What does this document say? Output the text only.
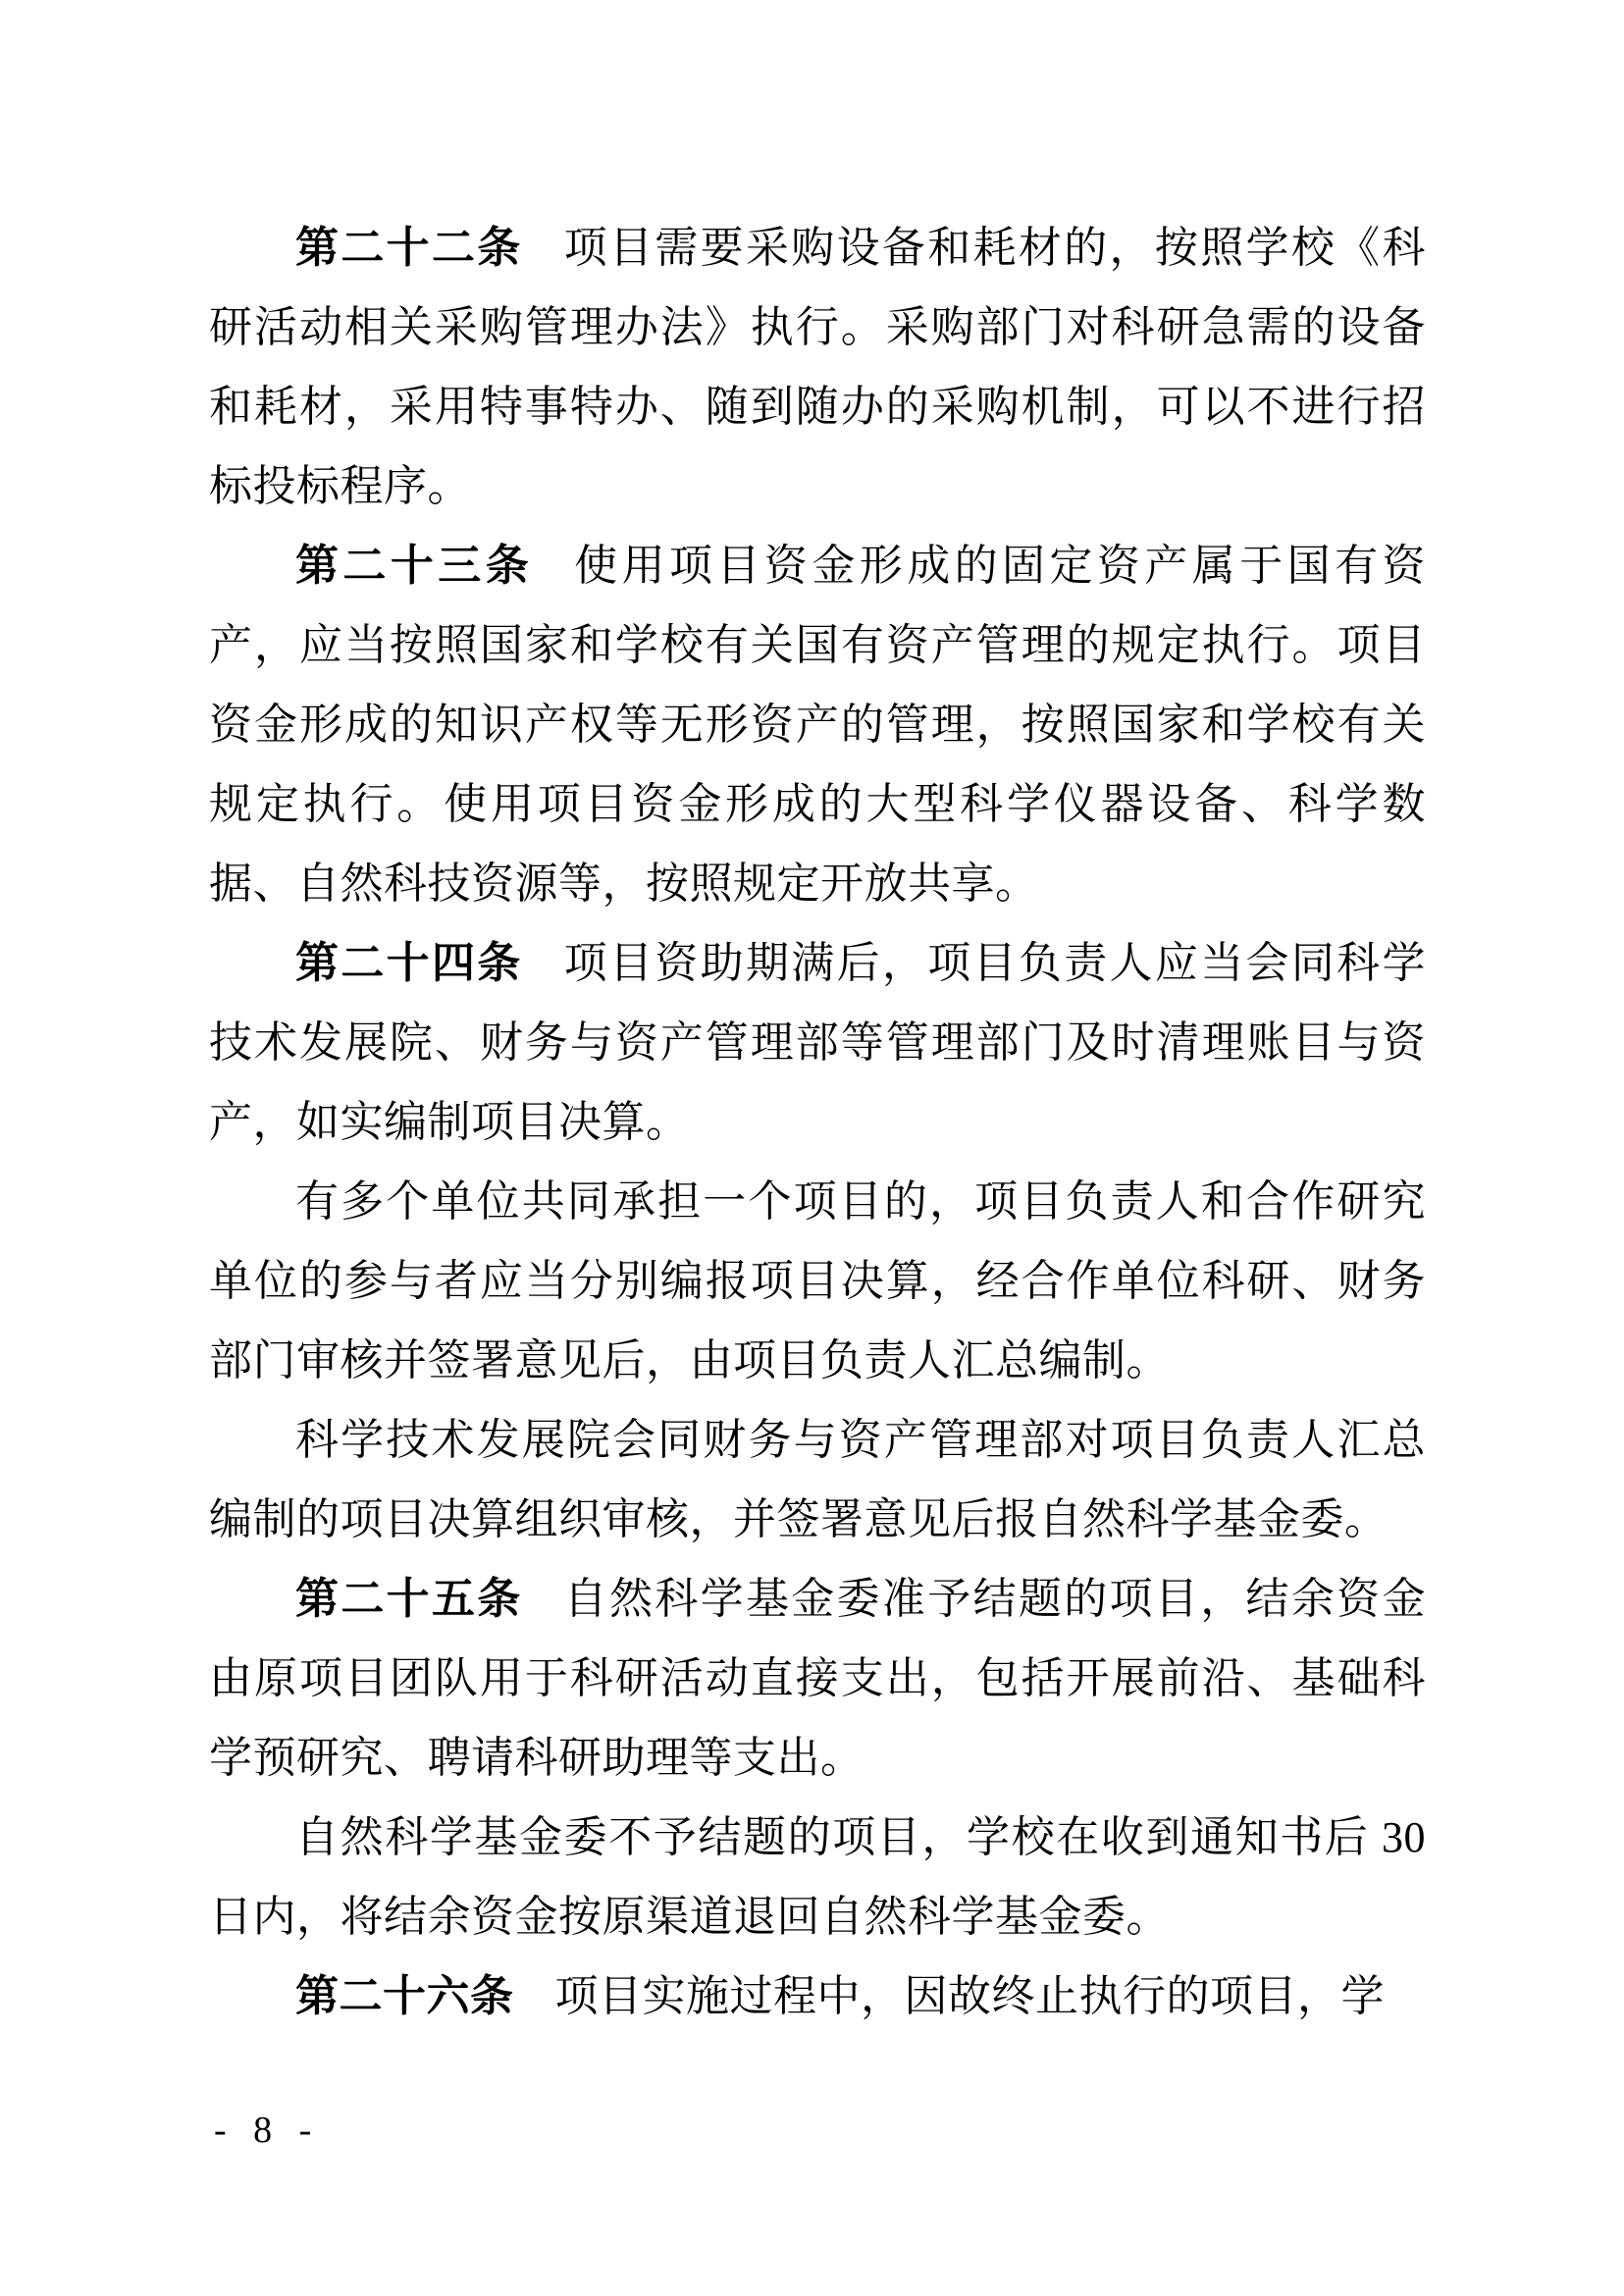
第二十二条 项目需要采购设备和耗材的，按照学校《科研活动相关采购管理办法》执行。采购部门对科研急需的设备和耗材，采用特事特办、随到随办的采购机制，可以不进行招标投标程序。

第二十三条 使用项目资金形成的固定资产属于国有资产，应当按照国家和学校有关国有资产管理的规定执行。项目资金形成的知识产权等无形资产的管理，按照国家和学校有关规定执行。使用项目资金形成的大型科学仪器设备、科学数据、自然科技资源等，按照规定开放共享。

第二十四条 项目资助期满后，项目负责人应当会同科学技术发展院、财务与资产管理部等管理部门及时清理账目与资产，如实编制项目决算。

有多个单位共同承担一个项目的，项目负责人和合作研究单位的参与者应当分别编报项目决算，经合作单位科研、财务部门审核并签署意见后，由项目负责人汇总编制。

科学技术发展院会同财务与资产管理部对项目负责人汇总编制的项目决算组织审核，并签署意见后报自然科学基金委。

第二十五条 自然科学基金委准予结题的项目，结余资金由原项目团队用于科研活动直接支出，包括开展前沿、基础科学预研究、聘请科研助理等支出。

自然科学基金委不予结题的项目，学校在收到通知书后 30 日内，将结余资金按原渠道退回自然科学基金委。

第二十六条 项目实施过程中，因故终止执行的项目，学

- 8 -
